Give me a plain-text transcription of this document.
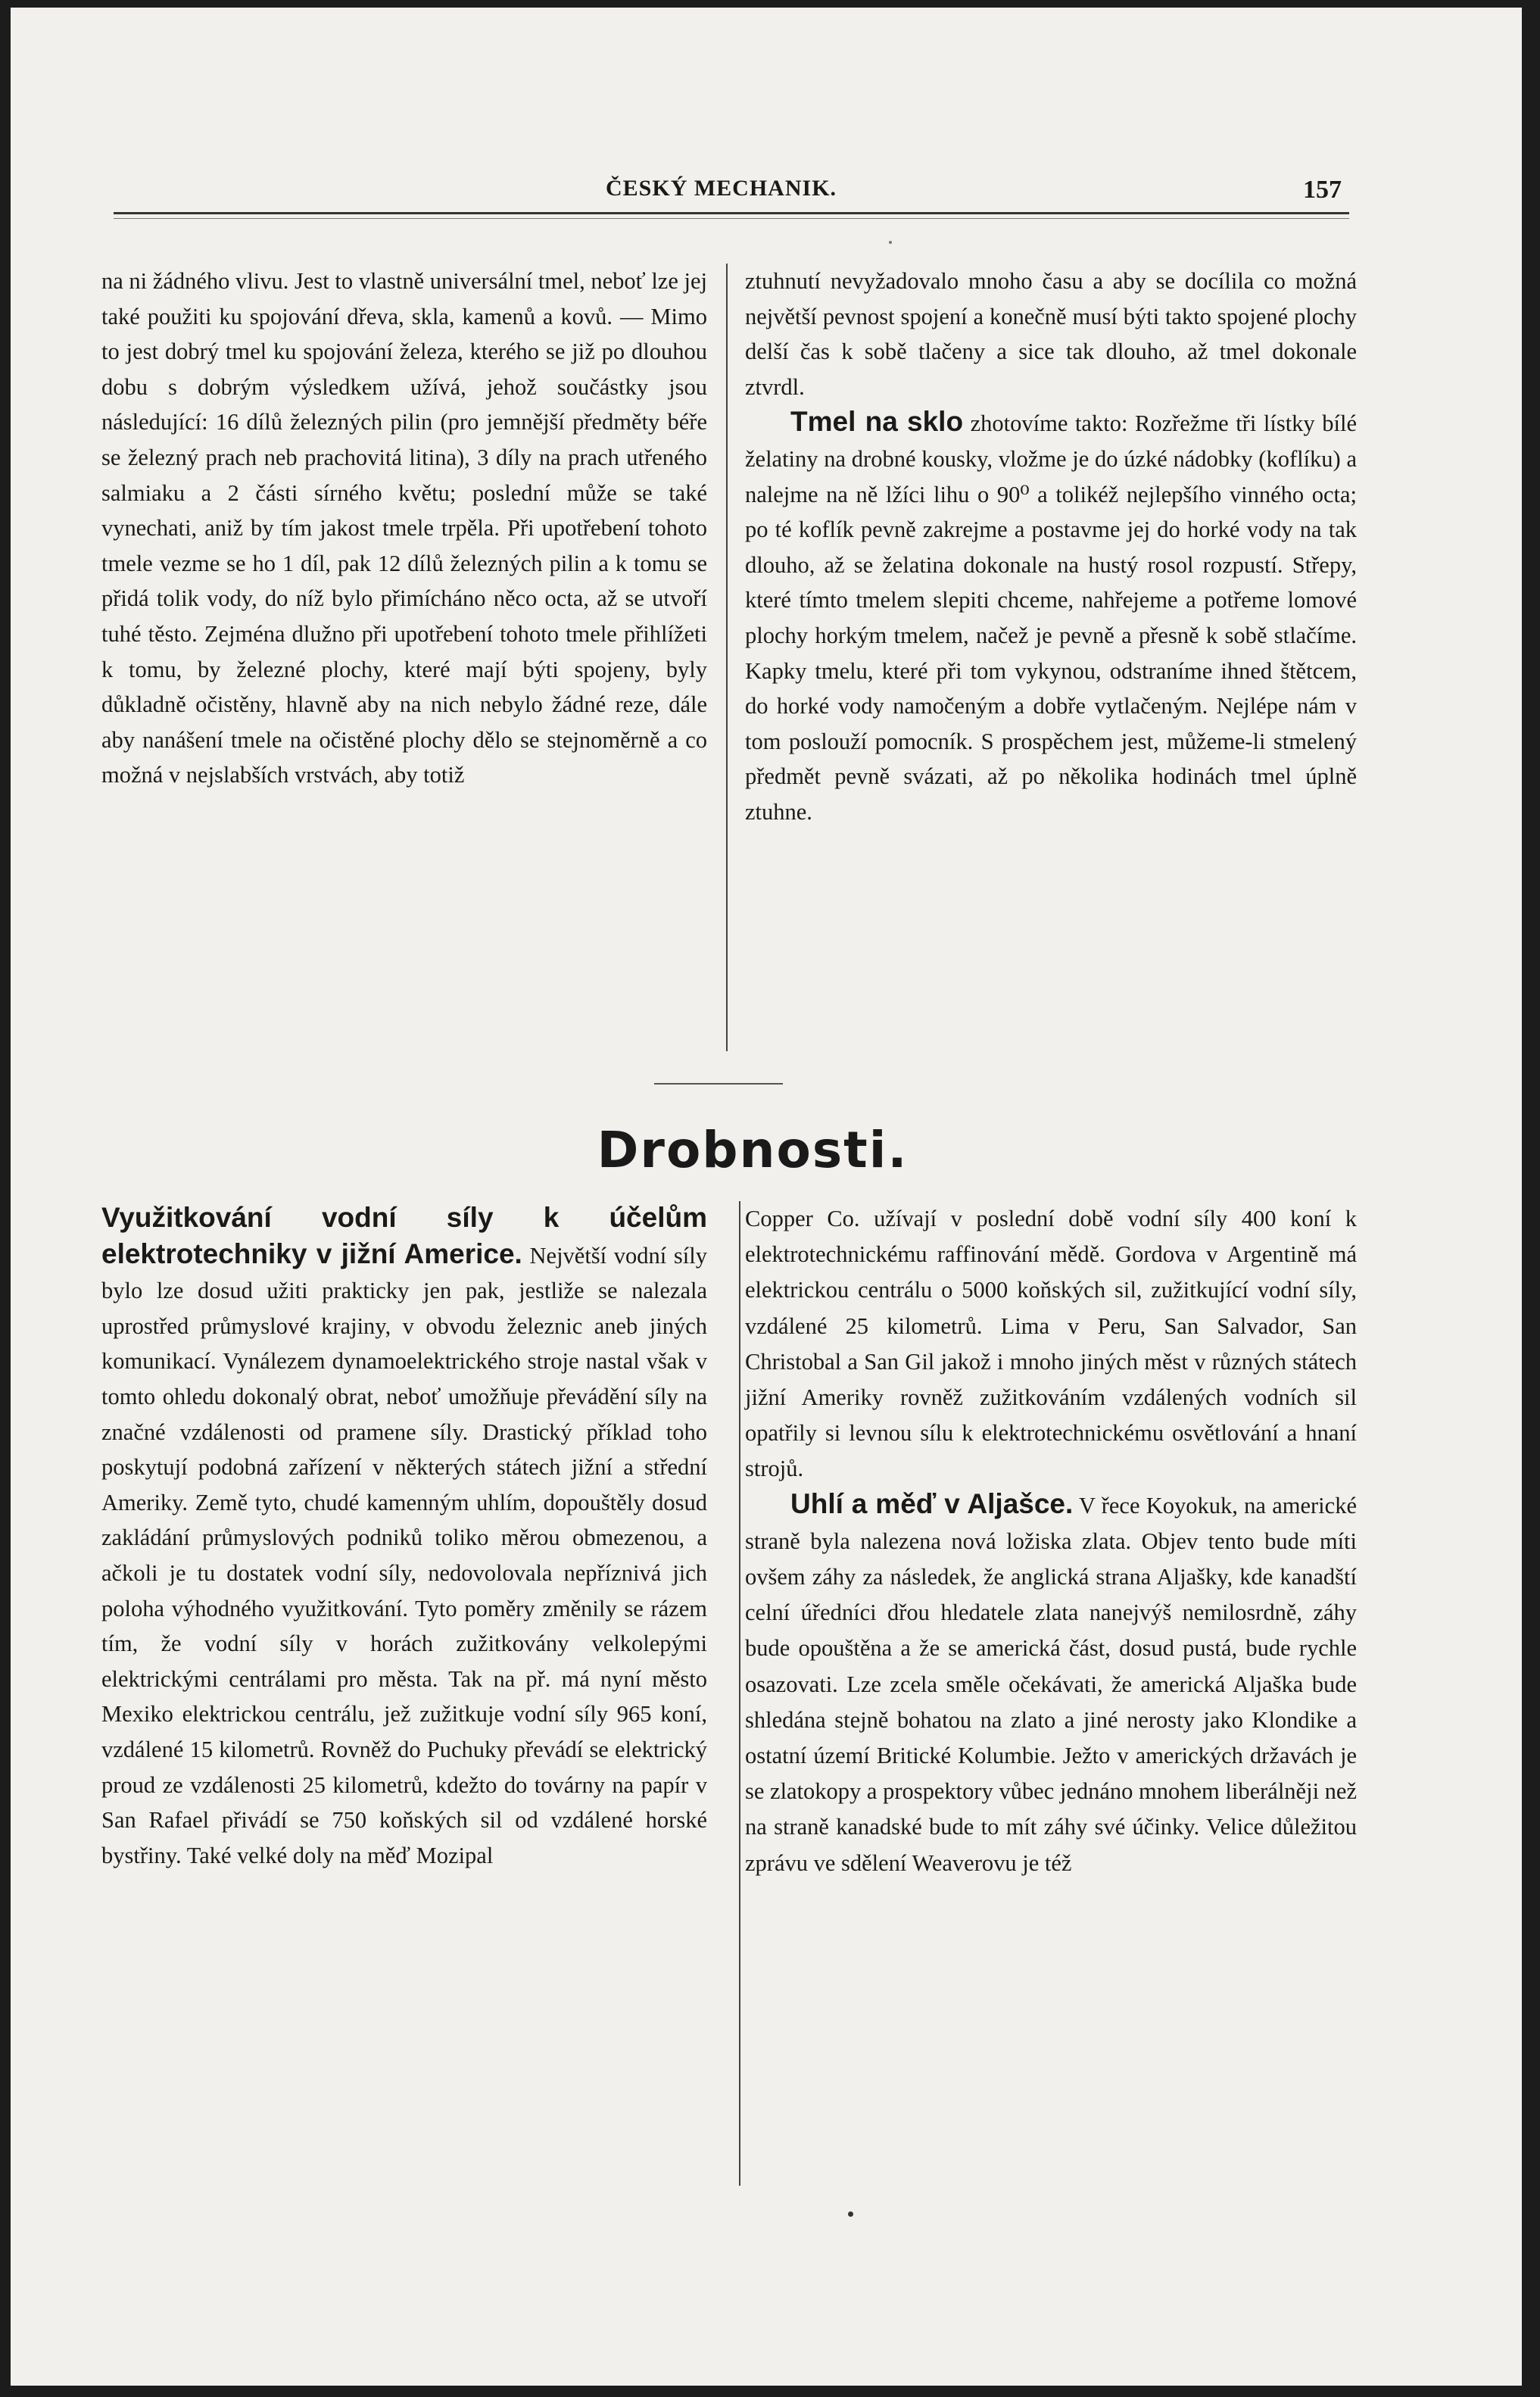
ČESKÝ MECHANIK.	157

na ni žádného vlivu. Jest to vlastně universální tmel, neboť lze jej také použiti ku spojování dřeva, skla, kamenů a kovů. — Mimo to jest dobrý tmel ku spojování železa, kterého se již po dlouhou dobu s dobrým výsledkem užívá, jehož součástky jsou následující: 16 dílů železných pilin (pro jemnější předměty béře se železný prach neb prachovitá litina), 3 díly na prach utřeného salmiaku a 2 části sírného květu; poslední může se také vynechati, aniž by tím jakost tmele trpěla. Při upotřebení tohoto tmele vezme se ho 1 díl, pak 12 dílů železných pilin a k tomu se přidá tolik vody, do níž bylo přimícháno něco octa, až se utvoří tuhé těsto. Zejména dlužno při upotřebení tohoto tmele přihlížeti k tomu, by železné plochy, které mají býti spojeny, byly důkladně očistěny, hlavně aby na nich nebylo žádné reze, dále aby nanášení tmele na očistěné plochy dělo se stejnoměrně a co možná v nejslabších vrstvách, aby totiž

ztuhnutí nevyžadovalo mnoho času a aby se docílila co možná největší pevnost spojení a konečně musí býti takto spojené plochy delší čas k sobě tlačeny a sice tak dlouho, až tmel dokonale ztvrdl.

Tmel na sklo zhotovíme takto: Rozřežme tři lístky bílé želatiny na drobné kousky, vložme je do úzké nádobky (koflíku) a nalejme na ně lžíci lihu o 90⁰ a tolikéž nejlepšího vinného octa; po té koflík pevně zakrejme a postavme jej do horké vody na tak dlouho, až se želatina dokonale na hustý rosol rozpustí. Střepy, které tímto tmelem slepiti chceme, nahřejeme a potřeme lomové plochy horkým tmelem, načež je pevně a přesně k sobě stlačíme. Kapky tmelu, které při tom vykynou, odstraníme ihned štětcem, do horké vody namočeným a dobře vytlačeným. Nejlépe nám v tom poslouží pomocník. S prospěchem jest, můžeme-li stmelený předmět pevně svázati, až po několika hodinách tmel úplně ztuhne.

Drobnosti.

Využitkování vodní síly k účelům elektrotechniky v jižní Americe. Největší vodní síly bylo lze dosud užiti prakticky jen pak, jestliže se nalezala uprostřed průmyslové krajiny, v obvodu železnic aneb jiných komunikací. Vynálezem dynamoelektrického stroje nastal však v tomto ohledu dokonalý obrat, neboť umožňuje převádění síly na značné vzdálenosti od pramene síly. Drastický příklad toho poskytují podobná zařízení v některých státech jižní a střední Ameriky. Země tyto, chudé kamenným uhlím, dopouštěly dosud zakládání průmyslových podniků toliko měrou obmezenou, a ačkoli je tu dostatek vodní síly, nedovolovala nepříznivá jich poloha výhodného využitkování. Tyto poměry změnily se rázem tím, že vodní síly v horách zužitkovány velkolepými elektrickými centrálami pro města. Tak na př. má nyní město Mexiko elektrickou centrálu, jež zužitkuje vodní síly 965 koní, vzdálené 15 kilometrů. Rovněž do Puchuky převádí se elektrický proud ze vzdálenosti 25 kilometrů, kdežto do továrny na papír v San Rafael přivádí se 750 koňských sil od vzdálené horské bystřiny. Také velké doly na měď Mozipal

Copper Co. užívají v poslední době vodní síly 400 koní k elektrotechnickému raffinování mědě. Gordova v Argentině má elektrickou centrálu o 5000 koňských sil, zužitkující vodní síly, vzdálené 25 kilometrů. Lima v Peru, San Salvador, San Christobal a San Gil jakož i mnoho jiných měst v různých státech jižní Ameriky rovněž zužitkováním vzdálených vodních sil opatřily si levnou sílu k elektrotechnickému osvětlování a hnaní strojů.

Uhlí a měď v Aljašce. V řece Koyokuk, na americké straně byla nalezena nová ložiska zlata. Objev tento bude míti ovšem záhy za následek, že anglická strana Aljašky, kde kanadští celní úředníci dřou hledatele zlata nanejvýš nemilosrdně, záhy bude opouštěna a že se americká část, dosud pustá, bude rychle osazovati. Lze zcela směle očekávati, že americká Aljaška bude shledána stejně bohatou na zlato a jiné nerosty jako Klondike a ostatní území Britické Kolumbie. Ježto v amerických državách je se zlatokopy a prospektory vůbec jednáno mnohem liberálněji než na straně kanadské bude to mít záhy své účinky. Velice důležitou zprávu ve sdělení Weaverovu je též
